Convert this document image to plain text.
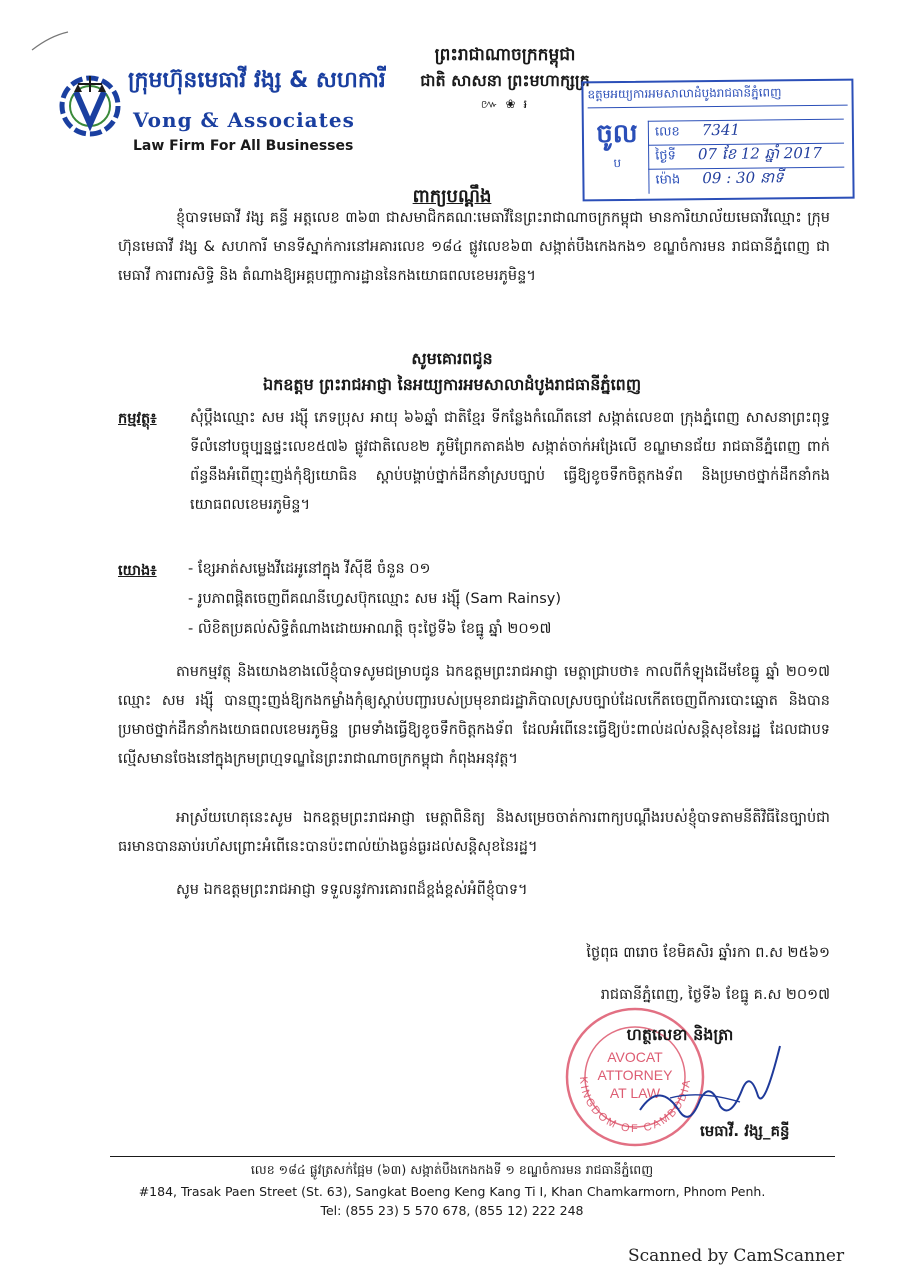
ក្រុមហ៊ុនមេធាវី វង្ស & សហការី
Vong & Associates
Law Firm For All Businesses
ព្រះរាជាណាចក្រកម្ពុជា
ជាតិ សាសនា ព្រះមហាក្សត្រ
៚ ❀ ៛
ឧត្តមអយ្យការអមសាលាដំបូងរាជធានីភ្នំពេញ
ចូល
ប
លេខ 7341
ថ្ងៃទី 07 ខែ 12 ឆ្នាំ 2017
ម៉ោង 09 : 30 នាទី
ពាក្យបណ្ដឹង
ខ្ញុំបាទមេធាវី វង្ស គន្ធី អត្តលេខ ៣៦៣ ជាសមាជិកគណៈមេធាវីនៃព្រះរាជាណាចក្រកម្ពុជា មានការិយាល័យមេធាវីឈ្មោះ ក្រុមហ៊ុនមេធាវី វង្ស & សហការី មានទីស្នាក់ការនៅអគារលេខ ១៨៤ ផ្លូវលេខ៦៣ សង្កាត់បឹងកេងកង១ ខណ្ឌចំការមន រាជធានីភ្នំពេញ ជាមេធាវី ការពារសិទ្ធិ និង តំណាងឱ្យអគ្គបញ្ជាការដ្ឋាននៃកងយោធពលខេមរភូមិន្ទ។
សូមគោរពជូន
ឯកឧត្តម ព្រះរាជអាជ្ញា នៃអយ្យការអមសាលាដំបូងរាជធានីភ្នំពេញ
កម្មវត្ថុ៖ សុំប្ដឹងឈ្មោះ សម រង្ស៊ី ភេទប្រុស អាយុ ៦៦ឆ្នាំ ជាតិខ្មែរ ទីកន្លែងកំណើតនៅ សង្កាត់លេខ៣ ក្រុងភ្នំពេញ សាសនាព្រះពុទ្ធ ទីលំនៅបច្ចុប្បន្នផ្ទះលេខ៥៧៦ ផ្លូវជាតិលេខ២ ភូមិព្រែកតាគង់២ សង្កាត់ចាក់អង្រែលើ ខណ្ឌមានជ័យ រាជធានីភ្នំពេញ ពាក់ព័ន្ធនឹងអំពើញុះញង់កុំឱ្យយោធិន ស្ដាប់បង្គាប់ថ្នាក់ដឹកនាំស្របច្បាប់ ធ្វើឱ្យខូចទឹកចិត្តកងទ័ព និងប្រមាថថ្នាក់ដឹកនាំកងយោធពលខេមរភូមិន្ទ។
យោង៖ - ខ្សែអាត់សម្លេងវីដេអូនៅក្នុង វីស៊ីឌី ចំនួន ០១
- រូបភាពផ្ដិតចេញពីគណនីហ្វេសប៊ុកឈ្មោះ សម រង្ស៊ី (Sam Rainsy)
- លិខិតប្រគល់សិទ្ធិតំណាងដោយអាណត្តិ ចុះថ្ងៃទី៦ ខែធ្នូ ឆ្នាំ ២០១៧
តាមកម្មវត្ថុ និងយោងខាងលើខ្ញុំបាទសូមជម្រាបជូន ឯកឧត្តមព្រះរាជអាជ្ញា មេត្តាជ្រាបថា៖ កាលពីកំឡុងដើមខែធ្នូ ឆ្នាំ ២០១៧ ឈ្មោះ សម រង្ស៊ី បានញុះញង់ឱ្យកងកម្លាំងកុំឲ្យស្ដាប់បញ្ជារបស់ប្រមុខរាជរដ្ឋាភិបាលស្របច្បាប់ដែលកើតចេញពីការបោះឆ្នោត និងបានប្រមាថថ្នាក់ដឹកនាំកងយោធពលខេមរភូមិន្ទ ព្រមទាំងធ្វើឱ្យខូចទឹកចិត្តកងទ័ព ដែលអំពើនេះធ្វើឱ្យប៉ះពាល់ដល់សន្តិសុខនៃរដ្ឋ ដែលជាបទល្មើសមានចែងនៅក្នុងក្រមព្រហ្មទណ្ឌនៃព្រះរាជាណាចក្រកម្ពុជា កំពុងអនុវត្ត។
អាស្រ័យហេតុនេះសូម ឯកឧត្តមព្រះរាជអាជ្ញា មេត្តាពិនិត្យ និងសម្រេចចាត់ការពាក្យបណ្ដឹងរបស់ខ្ញុំបាទតាមនីតិវិធីនៃច្បាប់ជាធរមានបានឆាប់រហ័សព្រោះអំពើនេះបានប៉ះពាល់យ៉ាងធ្ងន់ធ្ងរដល់សន្តិសុខនៃរដ្ឋ។
សូម ឯកឧត្តមព្រះរាជអាជ្ញា ទទួលនូវការគោរពដ៏ខ្ពង់ខ្ពស់អំពីខ្ញុំបាទ។
ថ្ងៃពុធ ៣រោច ខែមិគសិរ ឆ្នាំរកា ព.ស ២៥៦១
រាជធានីភ្នំពេញ, ថ្ងៃទី៦ ខែធ្នូ គ.ស ២០១៧
KINGDOM OF CAMBODIA
AVOCAT
ATTORNEY
AT LAW
ហត្ថលេខា និងត្រា
មេធាវី. វង្ស_គន្ធី
លេខ ១៨៤ ផ្លូវត្រសក់ផ្អែម (៦៣) សង្កាត់បឹងកេងកងទី ១ ខណ្ឌចំការមន រាជធានីភ្នំពេញ
#184, Trasak Paen Street (St. 63), Sangkat Boeng Keng Kang Ti I, Khan Chamkarmorn, Phnom Penh.
Tel: (855 23) 5 570 678, (855 12) 222 248
Scanned by CamScanner
